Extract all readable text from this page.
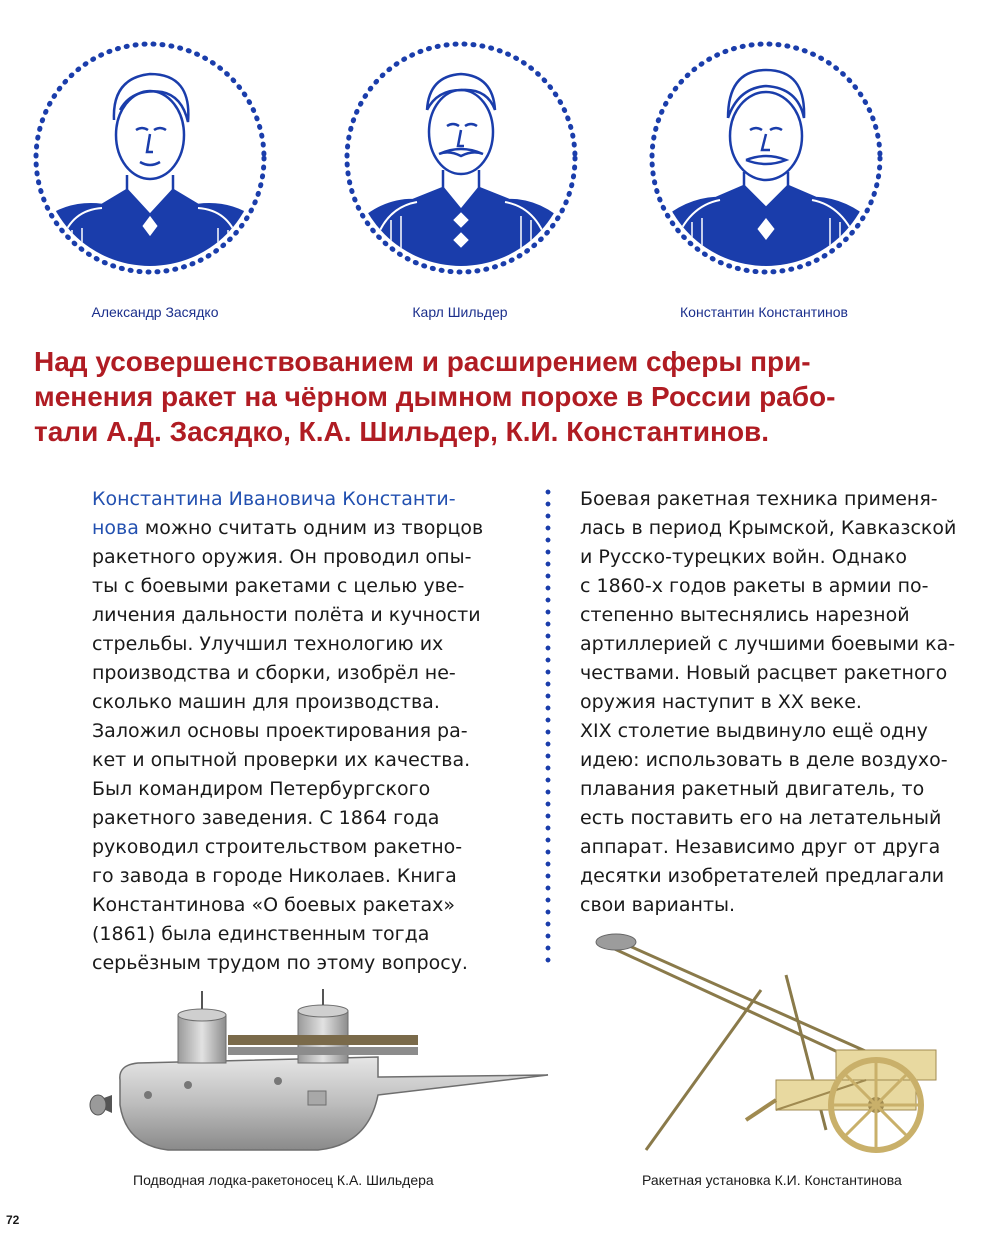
Александр Засядко	Карл Шильдер	Константин Константинов
Над усовершенствованием и расширением сферы при-
менения ракет на чёрном дымном порохе в России рабо-
тали А.Д. Засядко, К.А. Шильдер, К.И. Константинов.
Константина Ивановича Константи-
нова можно считать одним из творцов
ракетного оружия. Он проводил опы-
ты с боевыми ракетами с целью уве-
личения дальности полёта и кучности
стрельбы. Улучшил технологию их
производства и сборки, изобрёл не-
сколько машин для производства.
Заложил основы проектирования ра-
кет и опытной проверки их качества.
Был командиром Петербургского
ракетного заведения. С 1864 года
руководил строительством ракетно-
го завода в городе Николаев. Книга
Константинова «О боевых ракетах»
(1861) была единственным тогда
серьёзным трудом по этому вопросу.
Боевая ракетная техника применя-
лась в период Крымской, Кавказской
и Русско-турецких войн. Однако
с 1860-х годов ракеты в армии по-
степенно вытеснялись нарезной
артиллерией с лучшими боевыми ка-
чествами. Новый расцвет ракетного
оружия наступит в XX веке.
XIX столетие выдвинуло ещё одну
идею: использовать в деле воздухо-
плавания ракетный двигатель, то
есть поставить его на летательный
аппарат. Независимо друг от друга
десятки изобретателей предлагали
свои варианты.
Подводная лодка-ракетоносец К.А. Шильдера	Ракетная установка К.И. Константинова
72
